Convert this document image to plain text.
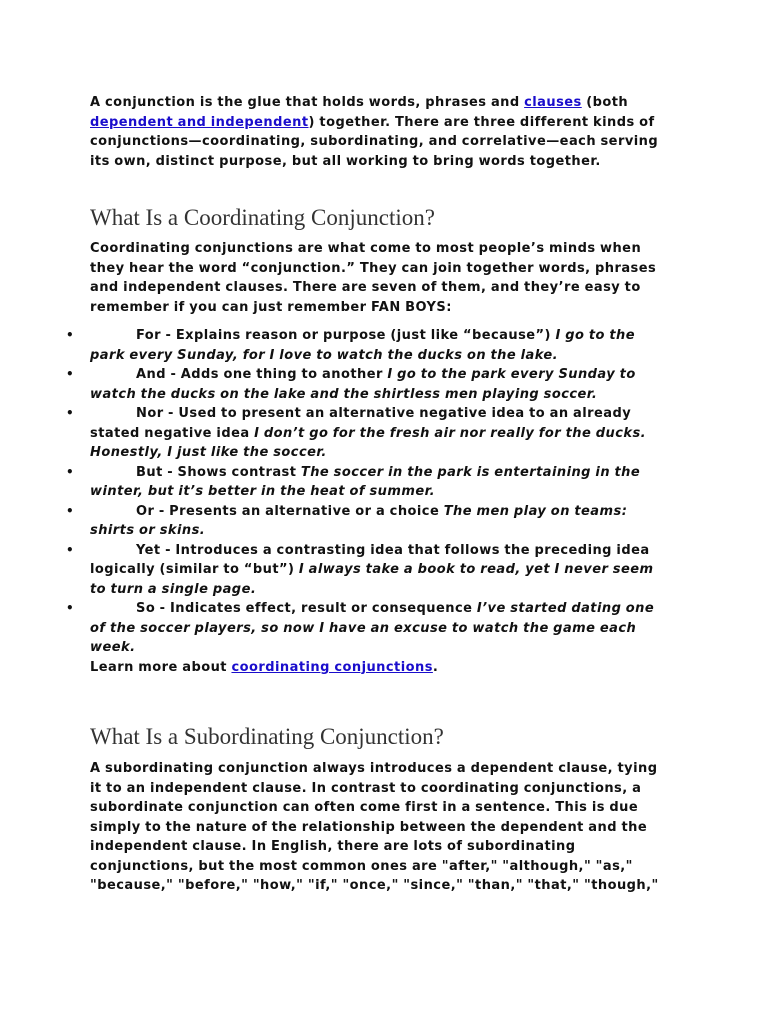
A conjunction is the glue that holds words, phrases and clauses (both dependent and independent) together. There are three different kinds of conjunctions—coordinating, subordinating, and correlative—each serving its own, distinct purpose, but all working to bring words together.

What Is a Coordinating Conjunction?

Coordinating conjunctions are what come to most people’s minds when they hear the word “conjunction.” They can join together words, phrases and independent clauses. There are seven of them, and they’re easy to remember if you can just remember FAN BOYS:

•	For - Explains reason or purpose (just like “because”) I go to the park every Sunday, for I love to watch the ducks on the lake.
•	And - Adds one thing to another I go to the park every Sunday to watch the ducks on the lake and the shirtless men playing soccer.
•	Nor - Used to present an alternative negative idea to an already stated negative idea I don’t go for the fresh air nor really for the ducks. Honestly, I just like the soccer.
•	But - Shows contrast The soccer in the park is entertaining in the winter, but it’s better in the heat of summer.
•	Or - Presents an alternative or a choice The men play on teams: shirts or skins.
•	Yet - Introduces a contrasting idea that follows the preceding idea logically (similar to “but”) I always take a book to read, yet I never seem to turn a single page.
•	So - Indicates effect, result or consequence I’ve started dating one of the soccer players, so now I have an excuse to watch the game each week.
Learn more about coordinating conjunctions.
What Is a Subordinating Conjunction?

A subordinating conjunction always introduces a dependent clause, tying it to an independent clause. In contrast to coordinating conjunctions, a subordinate conjunction can often come first in a sentence. This is due simply to the nature of the relationship between the dependent and the independent clause. In English, there are lots of subordinating conjunctions, but the most common ones are "after," "although," "as," "because," "before," "how," "if," "once," "since," "than," "that," "though,"
